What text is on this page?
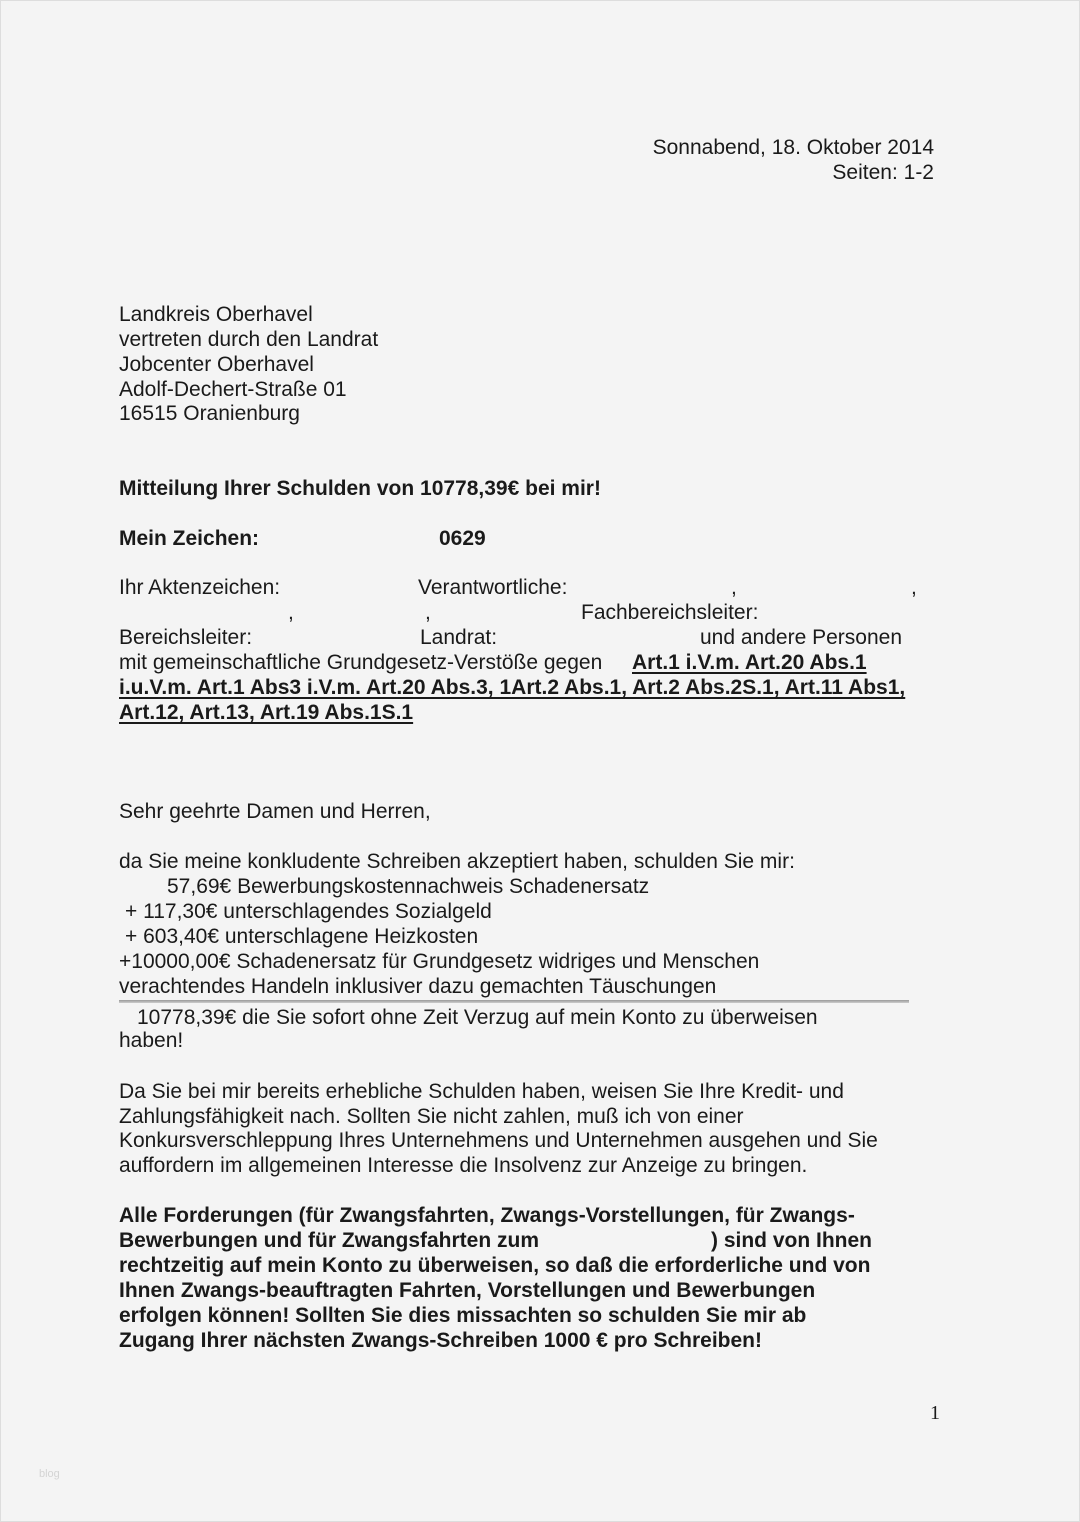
Sonnabend, 18. Oktober 2014
Seiten: 1-2
Landkreis Oberhavel
vertreten durch den Landrat
Jobcenter Oberhavel
Adolf-Dechert-Straße 01
16515 Oranienburg
Mitteilung Ihrer Schulden von 10778,39€ bei mir!
Mein Zeichen:	0629
Ihr Aktenzeichen:	Verantwortliche:	,	,
,	,	Fachbereichsleiter:
Bereichsleiter:	Landrat:	und andere Personen
mit gemeinschaftliche Grundgesetz-Verstöße gegen Art.1 i.V.m. Art.20 Abs.1
i.u.V.m. Art.1 Abs3 i.V.m. Art.20 Abs.3, 1Art.2 Abs.1, Art.2 Abs.2S.1, Art.11 Abs1,
Art.12, Art.13, Art.19 Abs.1S.1
Sehr geehrte Damen und Herren,
da Sie meine konkludente Schreiben akzeptiert haben, schulden Sie mir:
57,69€ Bewerbungskostennachweis Schadenersatz
+ 117,30€ unterschlagendes Sozialgeld
+ 603,40€ unterschlagene Heizkosten
+10000,00€ Schadenersatz für Grundgesetz widriges und Menschen
verachtendes Handeln inklusiver dazu gemachten Täuschungen
10778,39€ die Sie sofort ohne Zeit Verzug auf mein Konto zu überweisen
haben!
Da Sie bei mir bereits erhebliche Schulden haben, weisen Sie Ihre Kredit- und
Zahlungsfähigkeit nach. Sollten Sie nicht zahlen, muß ich von einer
Konkursverschleppung Ihres Unternehmens und Unternehmen ausgehen und Sie
auffordern im allgemeinen Interesse die Insolvenz zur Anzeige zu bringen.
Alle Forderungen (für Zwangsfahrten, Zwangs-Vorstellungen, für Zwangs-
Bewerbungen und für Zwangsfahrten zum	) sind von Ihnen
rechtzeitig auf mein Konto zu überweisen, so daß die erforderliche und von
Ihnen Zwangs-beauftragten Fahrten, Vorstellungen und Bewerbungen
erfolgen können! Sollten Sie dies missachten so schulden Sie mir ab
Zugang Ihrer nächsten Zwangs-Schreiben 1000 € pro Schreiben!
1
blog
